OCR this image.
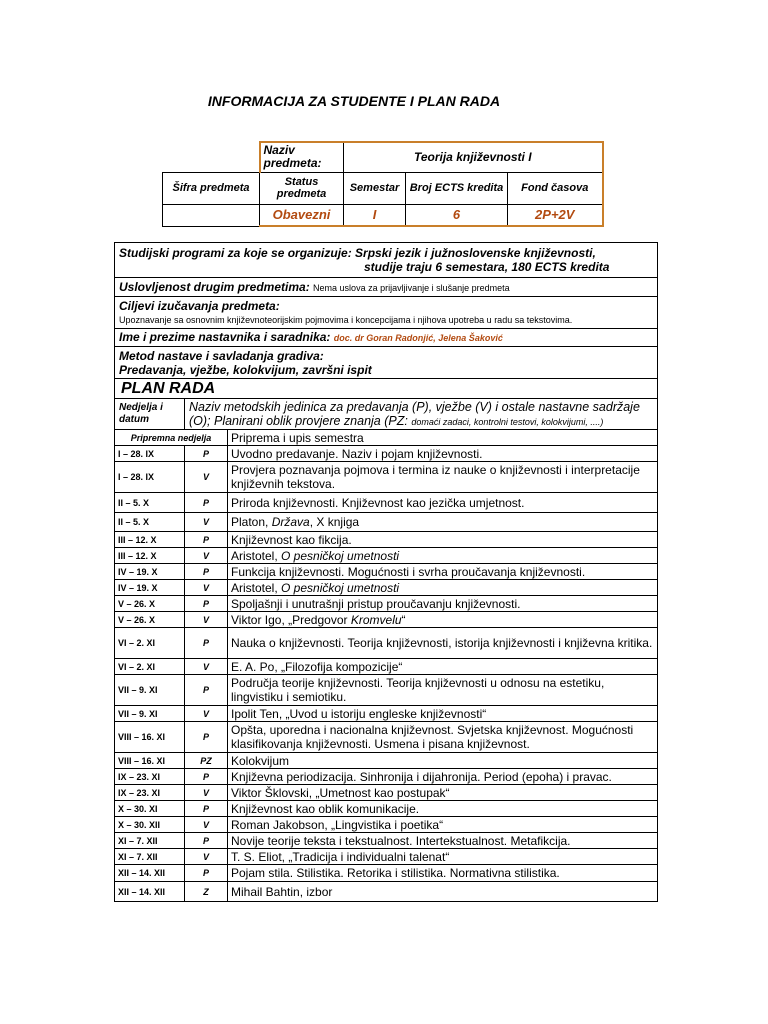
INFORMACIJA ZA STUDENTE I PLAN RADA
	Naziv predmeta:	Teorija književnosti I		
Šifra predmeta	Status predmeta	Semestar	Broj ECTS kredita	Fond časova
	Obavezni	I	6	2P+2V
Studijski programi za koje se organizuje: Srpski jezik i južnoslovenske književnosti,
studije traju 6 semestara, 180 ECTS kredita		

Uslovljenost drugim predmetima: Nema uslova za prijavljivanje i slušanje predmeta		

Ciljevi izučavanja predmeta:
Upoznavanje sa osnovnim književnoteorijskim pojmovima i koncepcijama i njihova upotreba u radu sa tekstovima.		

Ime i prezime nastavnika i saradnika: doc. dr Goran Radonjić, Jelena Šaković		

Metod nastave i savladanja gradiva:
Predavanja, vježbe, kolokvijum, završni ispit		

PLAN RADA		
Nedjelja i datum	Naziv metodskih jedinica za predavanja (P), vježbe (V) i ostale nastavne sadržaje (O); Planirani oblik provjere znanja (PZ: domaći zadaci, kontrolni testovi, kolokvijumi, ....)	
Pripremna nedjelja		Priprema i upis semestra
I – 28. IX	P	Uvodno predavanje. Naziv i pojam književnosti.
I – 28. IX	V	Provjera poznavanja pojmova i termina iz nauke o književnosti i interpretacije književnih tekstova.
II – 5. X	P	Priroda književnosti. Književnost kao jezička umjetnost.
II – 5. X	V	Platon, Država, X knjiga
III – 12. X	P	Književnost kao fikcija.
III – 12. X	V	Aristotel, O pesničkoj umetnosti
IV – 19. X	P	Funkcija književnosti. Mogućnosti i svrha proučavanja književnosti.
IV – 19. X	V	Aristotel, O pesničkoj umetnosti
V – 26. X	P	Spoljašnji i unutrašnji pristup proučavanju književnosti.
V – 26. X	V	Viktor Igo, „Predgovor Kromvelu“
VI – 2. XI	P	Nauka o književnosti. Teorija književnosti, istorija književnosti i književna kritika.
VI – 2. XI	V	E. A. Po, „Filozofija kompozicije“
VII – 9. XI	P	Područja teorije književnosti. Teorija književnosti u odnosu na estetiku, lingvistiku i semiotiku.
VII – 9. XI	V	Ipolit Ten, „Uvod u istoriju engleske književnosti“
VIII – 16. XI	P	Opšta, uporedna i nacionalna književnost. Svjetska književnost. Mogućnosti klasifikovanja književnosti. Usmena i pisana književnost.
VIII – 16. XI	PZ	Kolokvijum
IX – 23. XI	P	Književna periodizacija. Sinhronija i dijahronija. Period (epoha) i pravac.
IX – 23. XI	V	Viktor Šklovski, „Umetnost kao postupak“
X – 30. XI	P	Književnost kao oblik komunikacije.
X – 30. XII	V	Roman Jakobson, „Lingvistika i poetika“
XI – 7. XII	P	Novije teorije teksta i tekstualnost. Intertekstualnost. Metafikcija.
XI – 7. XII	V	T. S. Eliot, „Tradicija i individualni talenat“
XII – 14. XII	P	Pojam stila. Stilistika. Retorika i stilistika. Normativna stilistika.
XII – 14. XII	Z	Mihail Bahtin, izbor
